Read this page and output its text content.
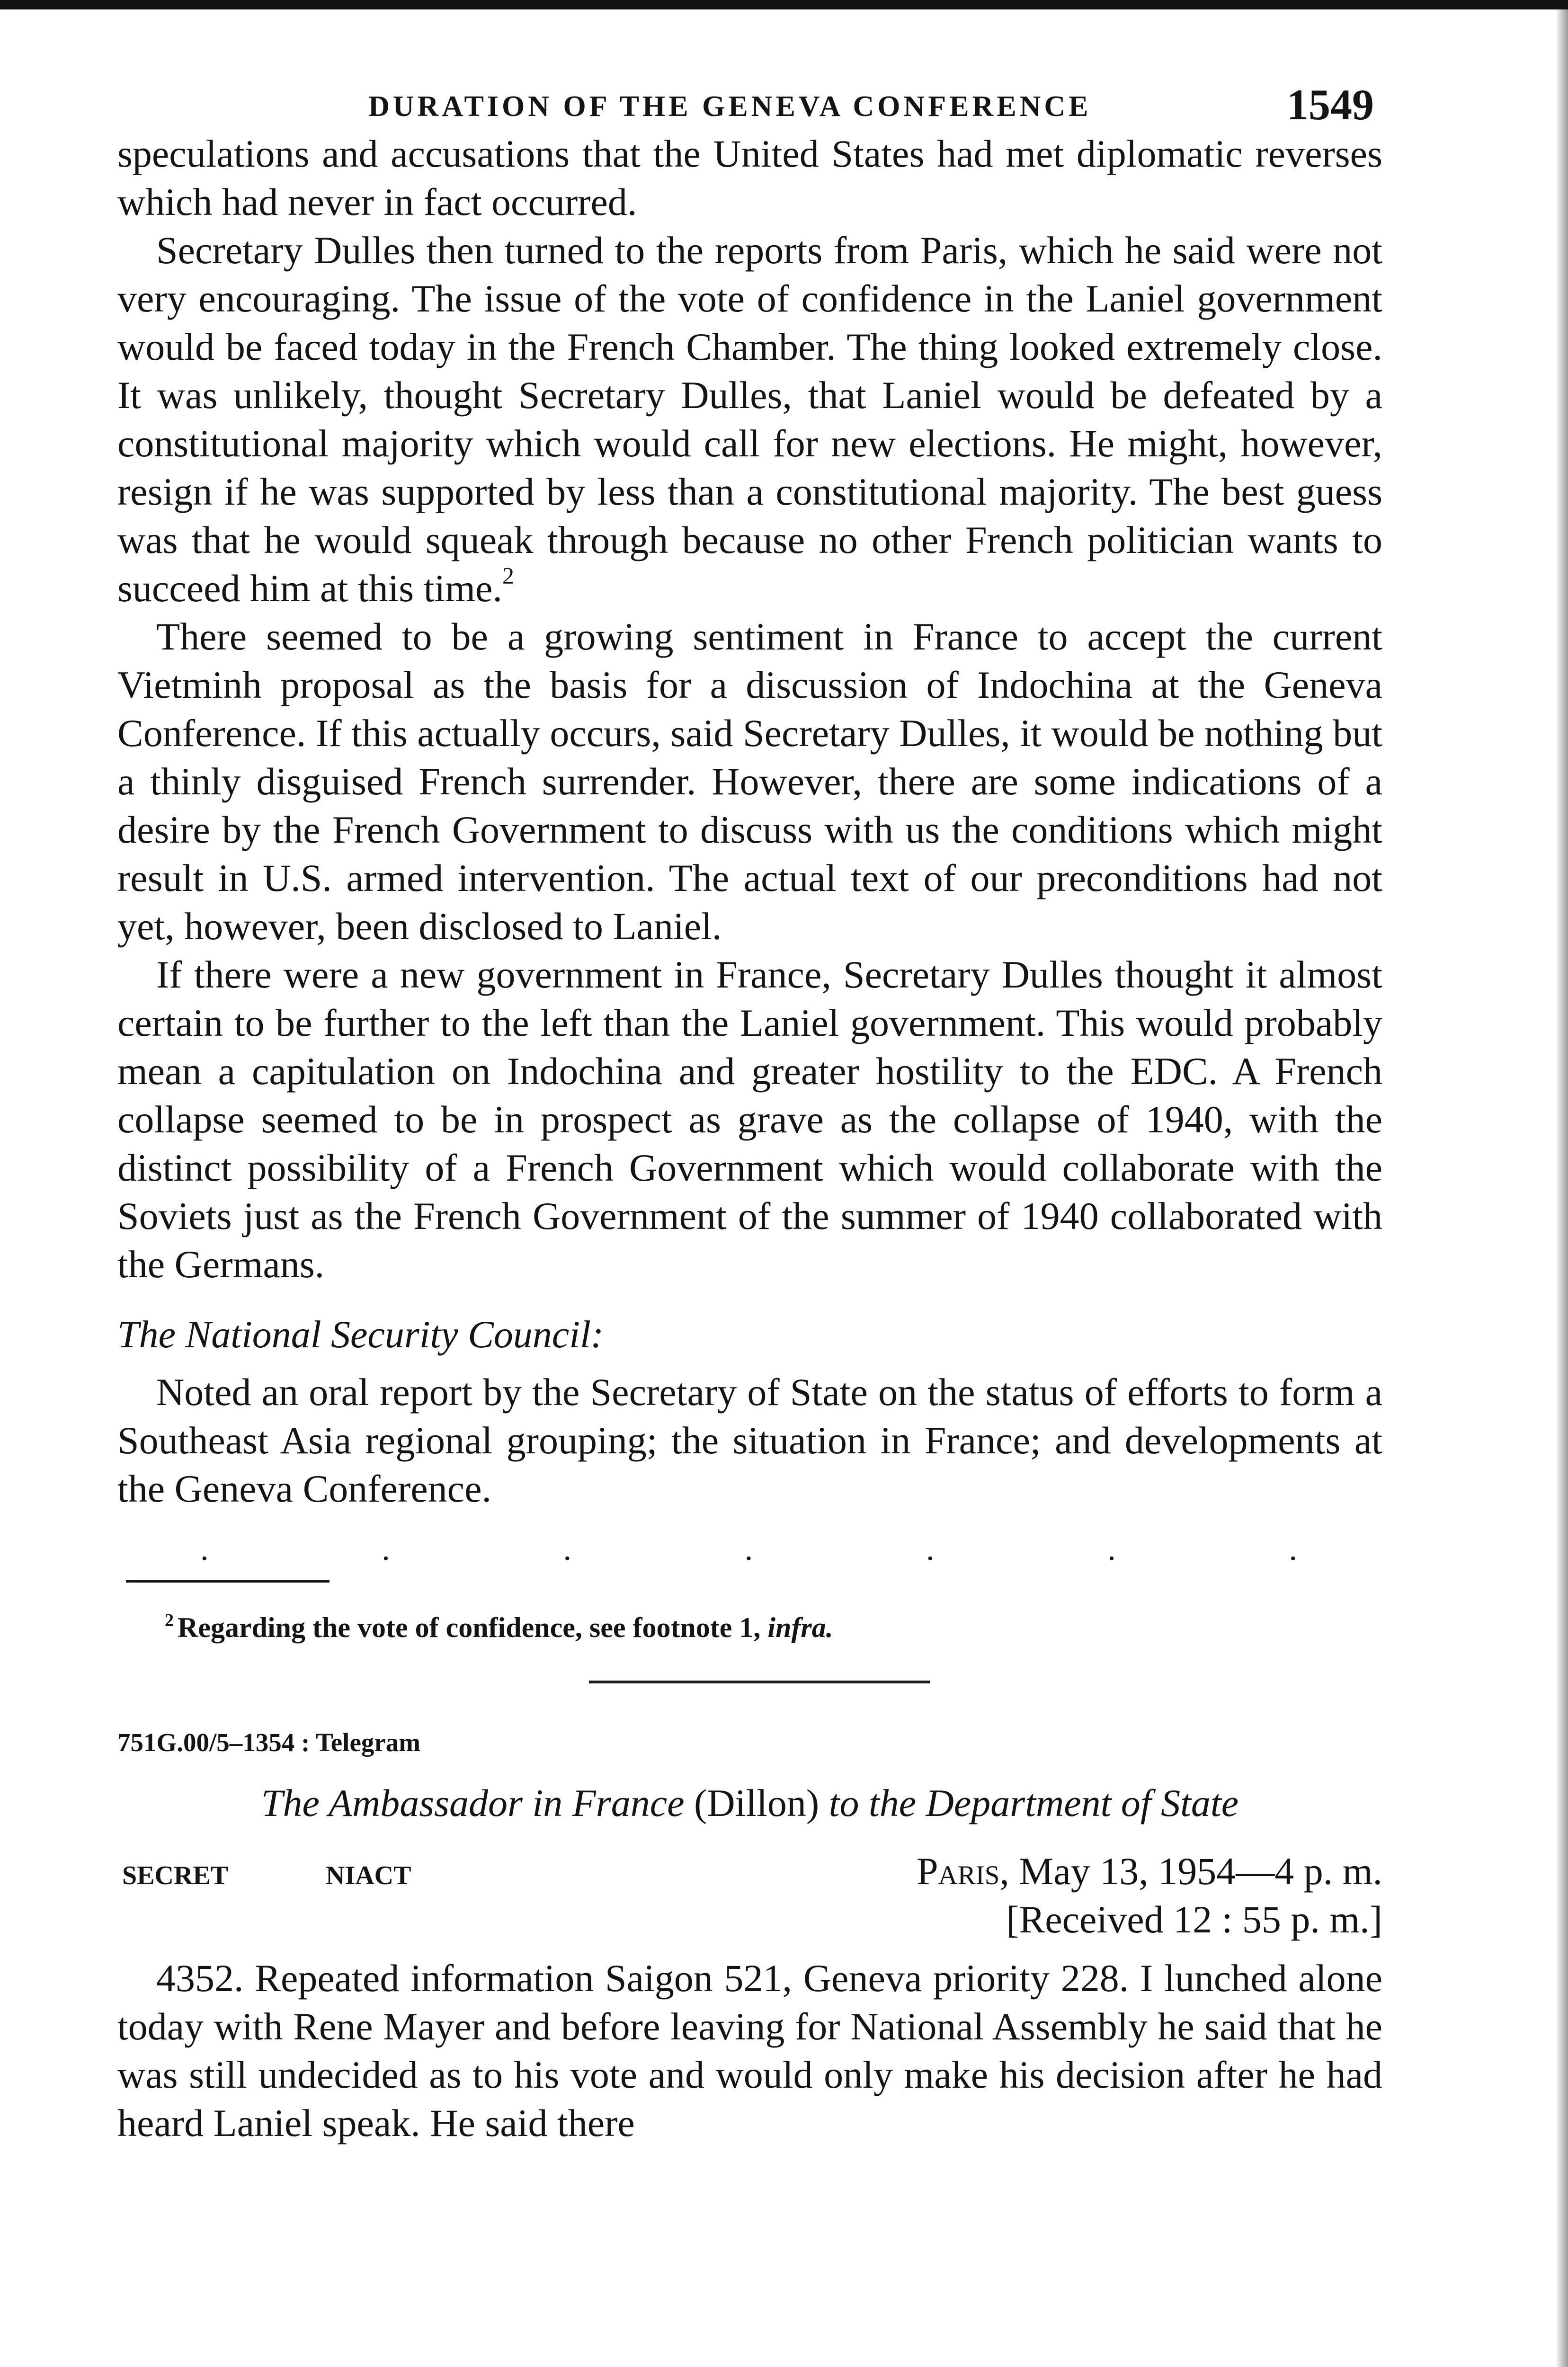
DURATION OF THE GENEVA CONFERENCE	1549

speculations and accusations that the United States had met diplomatic reverses which had never in fact occurred.

Secretary Dulles then turned to the reports from Paris, which he said were not very encouraging. The issue of the vote of confidence in the Laniel government would be faced today in the French Chamber. The thing looked extremely close. It was unlikely, thought Secretary Dulles, that Laniel would be defeated by a constitutional majority which would call for new elections. He might, however, resign if he was supported by less than a constitutional majority. The best guess was that he would squeak through because no other French politician wants to succeed him at this time.$^2$

There seemed to be a growing sentiment in France to accept the current Vietminh proposal as the basis for a discussion of Indochina at the Geneva Conference. If this actually occurs, said Secretary Dulles, it would be nothing but a thinly disguised French surrender. However, there are some indications of a desire by the French Government to discuss with us the conditions which might result in U.S. armed intervention. The actual text of our preconditions had not yet, however, been disclosed to Laniel.

If there were a new government in France, Secretary Dulles thought it almost certain to be further to the left than the Laniel government. This would probably mean a capitulation on Indochina and greater hostility to the EDC. A French collapse seemed to be in prospect as grave as the collapse of 1940, with the distinct possibility of a French Government which would collaborate with the Soviets just as the French Government of the summer of 1940 collaborated with the Germans.

The National Security Council:

Noted an oral report by the Secretary of State on the status of efforts to form a Southeast Asia regional grouping; the situation in France; and developments at the Geneva Conference.

.	.	.	.	.	.	.
$^2$ Regarding the vote of confidence, see footnote 1, infra.
751G.00/5–1354 : Telegram
The Ambassador in France (Dillon) to the Department of State
SECRET	NIACT	Paris, May 13, 1954—4 p. m.
[Received 12 : 55 p. m.]

4352. Repeated information Saigon 521, Geneva priority 228. I lunched alone today with Rene Mayer and before leaving for National Assembly he said that he was still undecided as to his vote and would only make his decision after he had heard Laniel speak. He said there
